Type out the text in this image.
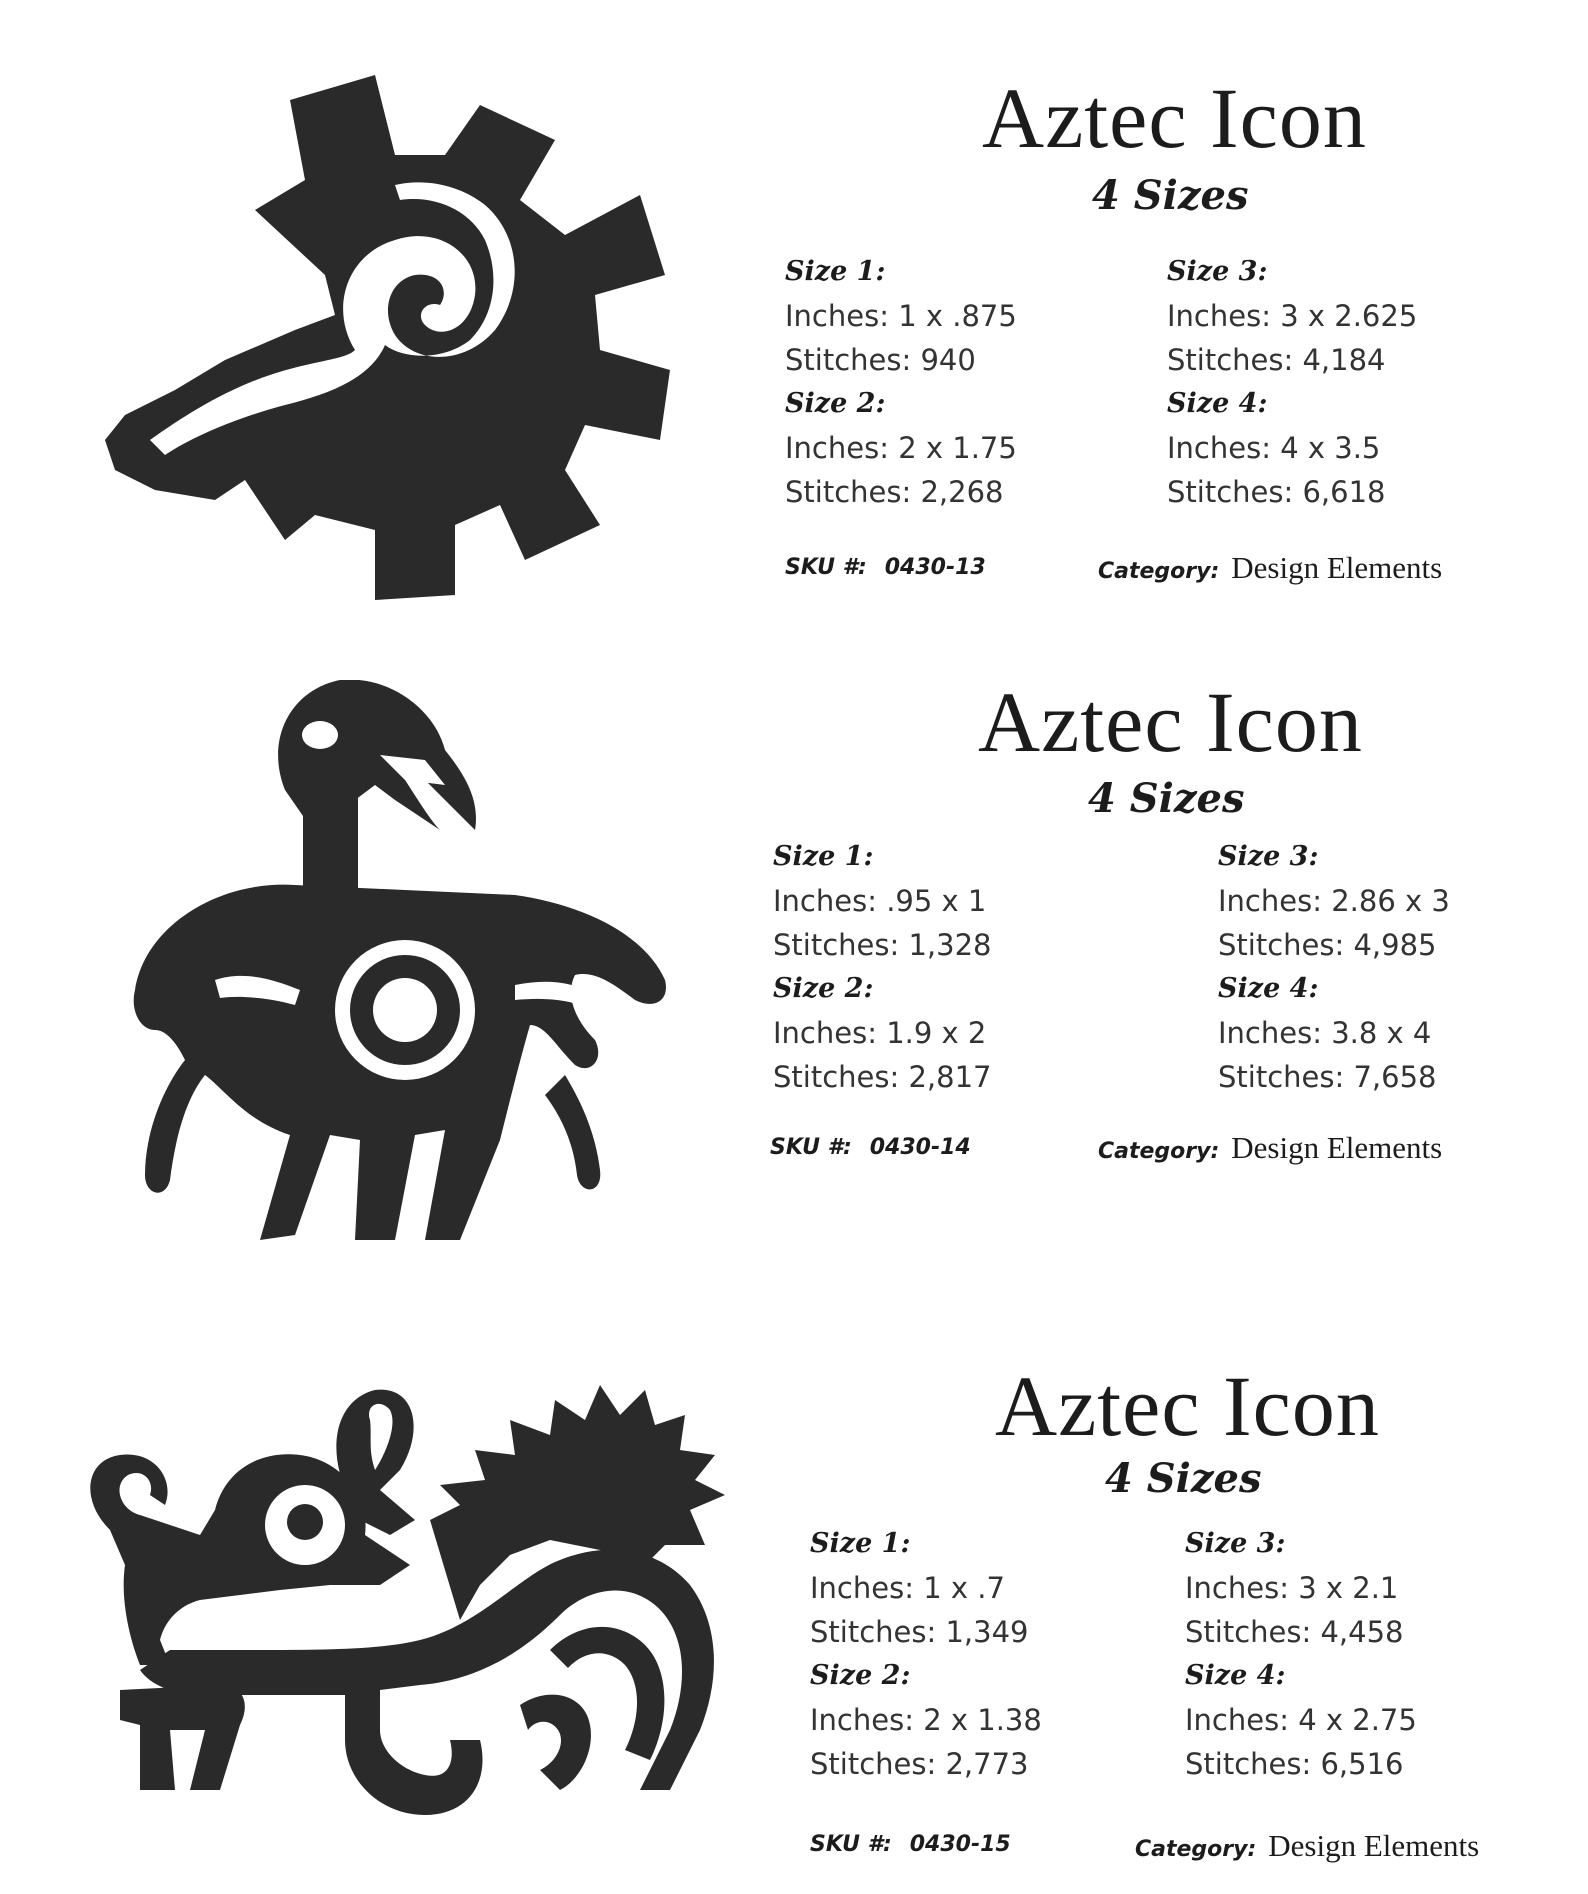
Aztec Icon
4 Sizes
Size 1:
Inches: 1 x .875
Stitches: 940
Size 2:
Inches: 2 x 1.75
Stitches: 2,268
Size 3:
Inches: 3 x 2.625
Stitches: 4,184
Size 4:
Inches: 4 x 3.5
Stitches: 6,618
SKU #: 0430-13	Category: Design Elements
Aztec Icon
4 Sizes
Size 1:
Inches: .95 x 1
Stitches: 1,328
Size 2:
Inches: 1.9 x 2
Stitches: 2,817
Size 3:
Inches: 2.86 x 3
Stitches: 4,985
Size 4:
Inches: 3.8 x 4
Stitches: 7,658
SKU #: 0430-14	Category: Design Elements
Aztec Icon
4 Sizes
Size 1:
Inches: 1 x .7
Stitches: 1,349
Size 2:
Inches: 2 x 1.38
Stitches: 2,773
Size 3:
Inches: 3 x 2.1
Stitches: 4,458
Size 4:
Inches: 4 x 2.75
Stitches: 6,516
SKU #: 0430-15	Category: Design Elements
